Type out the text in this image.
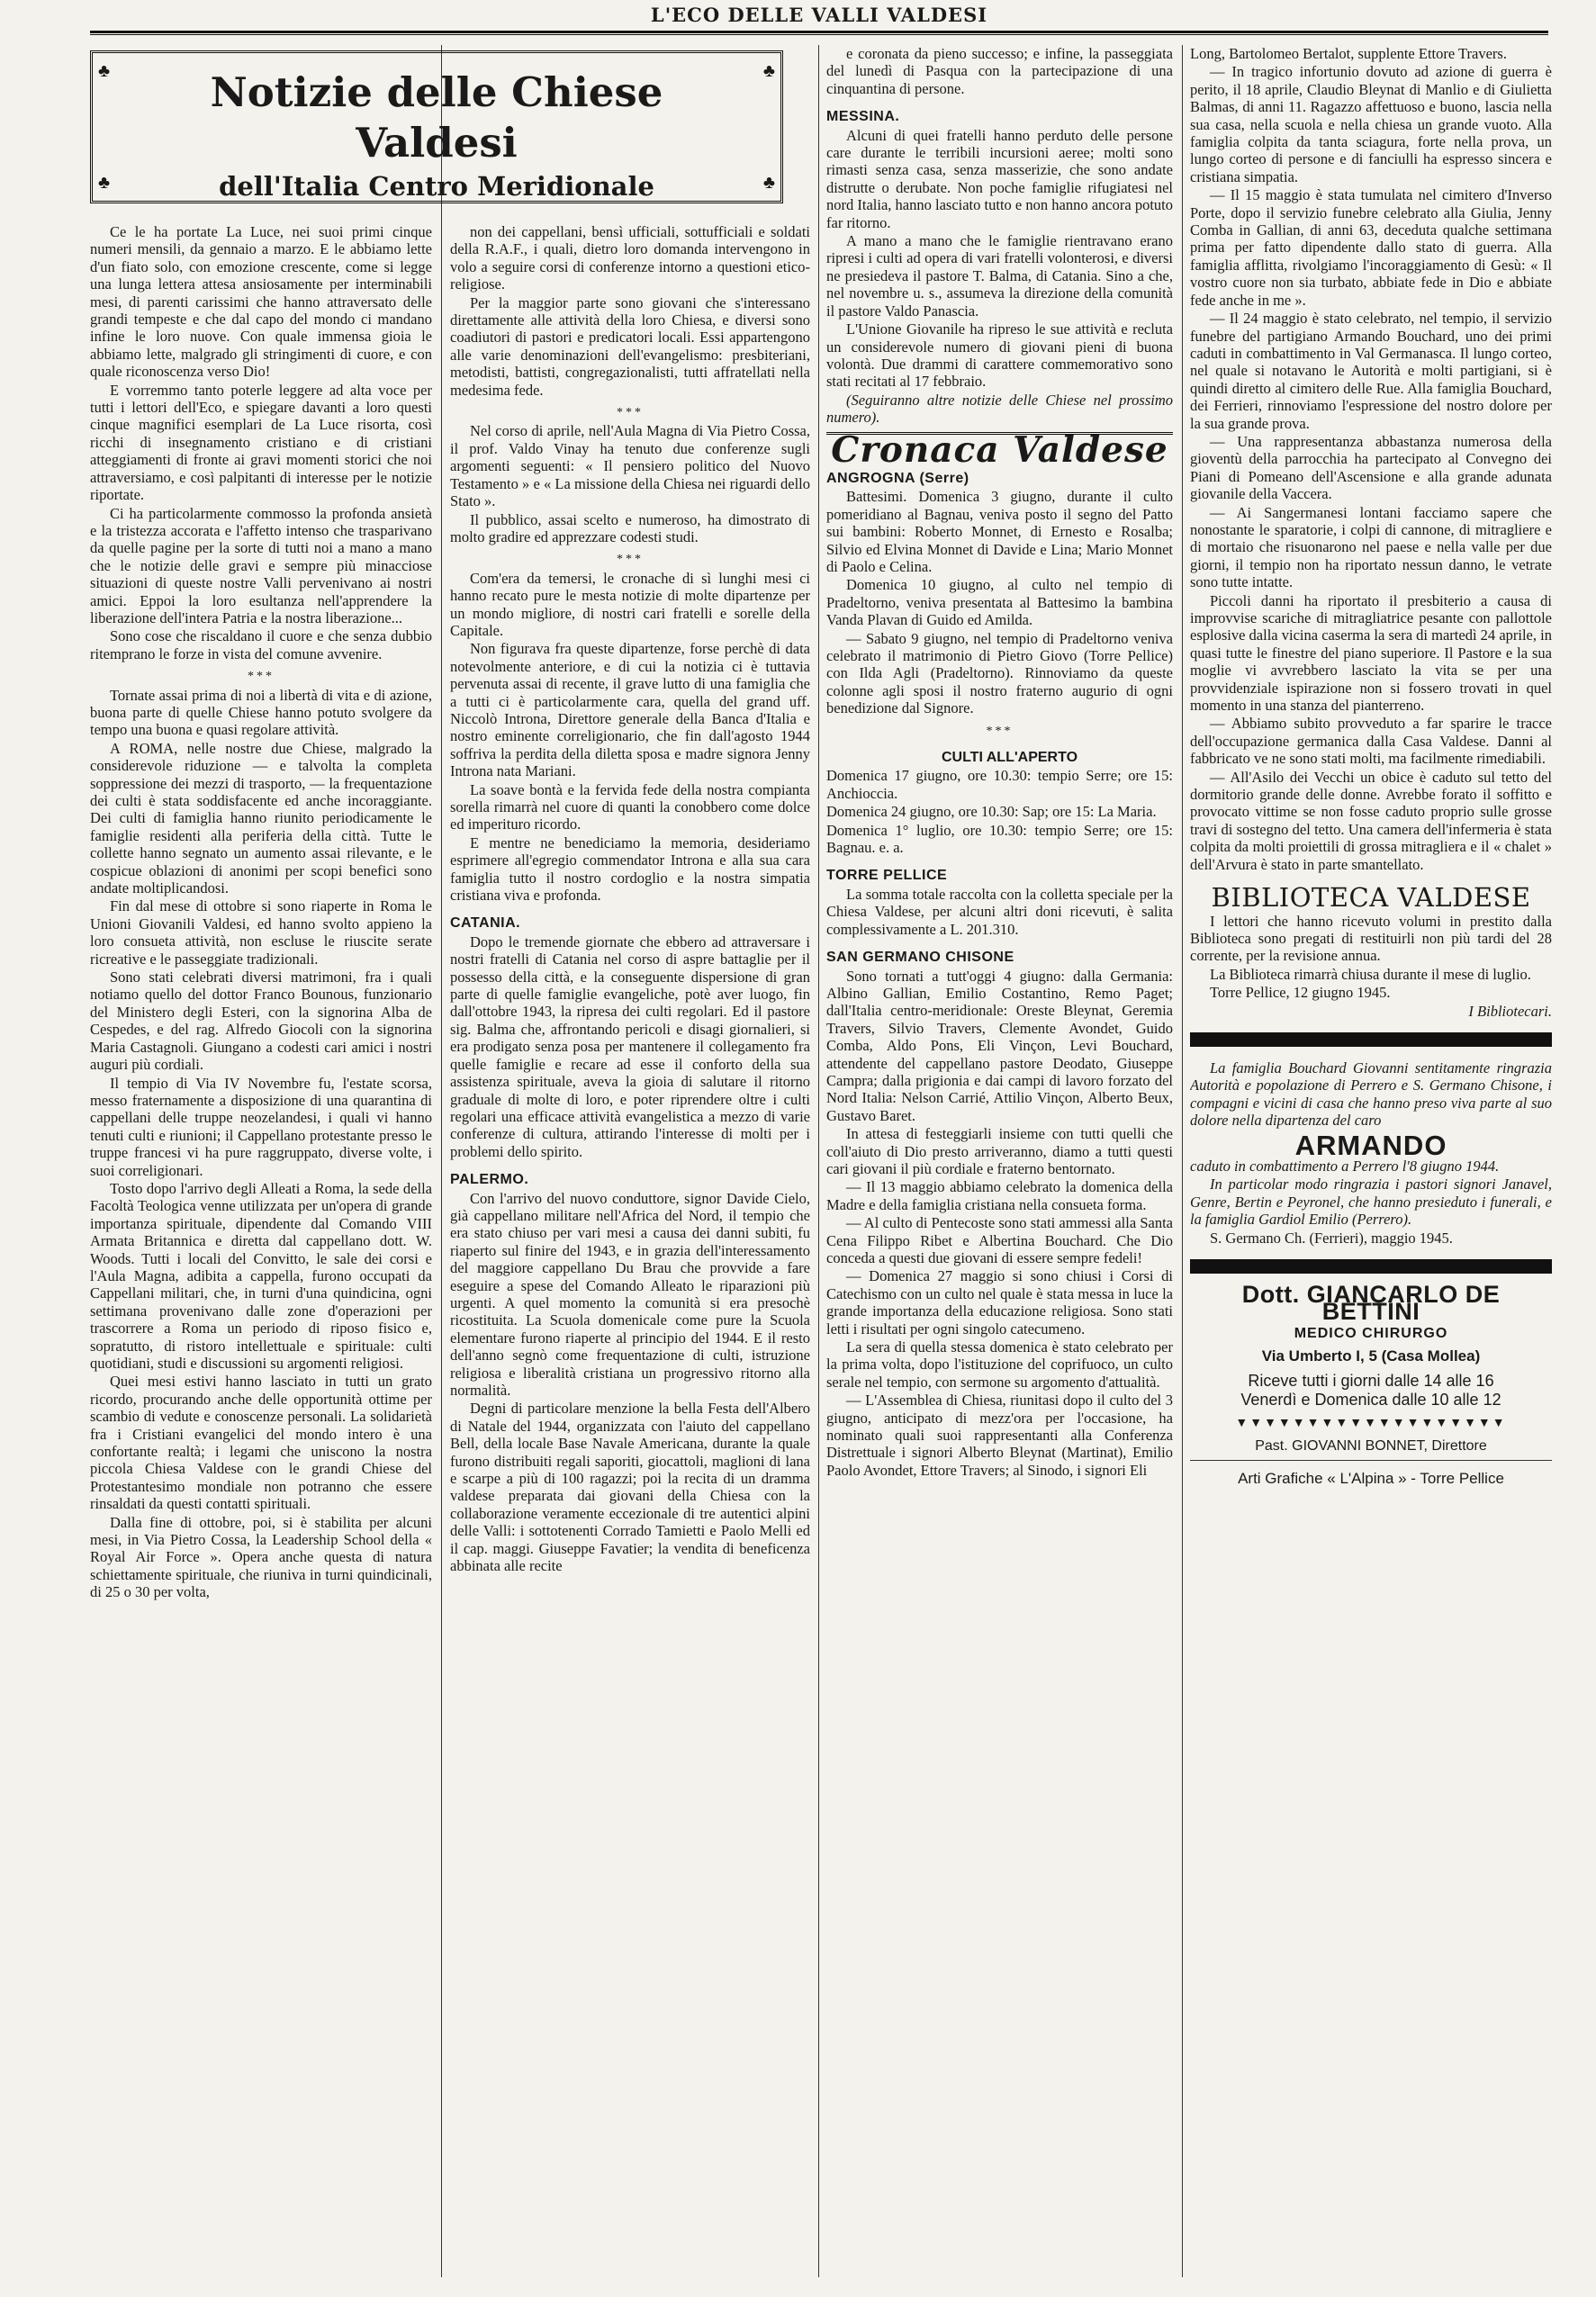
L'ECO DELLE VALLI VALDESI
♣
♣
♣
♣
Notizie delle Chiese Valdesi
dell'Italia Centro Meridionale

Ce le ha portate La Luce, nei suoi primi cinque numeri mensili, da gennaio a marzo. E le abbiamo lette d'un fiato solo, con emozione crescente, come si legge una lunga lettera attesa ansiosamente per interminabili mesi, di parenti carissimi che hanno attraversato delle grandi tempeste e che dal capo del mondo ci mandano infine le loro nuove. Con quale immensa gioia le abbiamo lette, malgrado gli stringimenti di cuore, e con quale riconoscenza verso Dio!

E vorremmo tanto poterle leggere ad alta voce per tutti i lettori dell'Eco, e spiegare davanti a loro questi cinque magnifici esemplari de La Luce risorta, così ricchi di insegnamento cristiano e di cristiani atteggiamenti di fronte ai gravi momenti storici che noi attraversiamo, e così palpitanti di interesse per le notizie riportate.

Ci ha particolarmente commosso la profonda ansietà e la tristezza accorata e l'affetto intenso che trasparivano da quelle pagine per la sorte di tutti noi a mano a mano che le notizie delle gravi e sempre più minacciose situazioni di queste nostre Valli pervenivano ai nostri amici. Eppoi la loro esultanza nell'apprendere la liberazione dell'intera Patria e la nostra liberazione...

Sono cose che riscaldano il cuore e che senza dubbio ritemprano le forze in vista del comune avvenire.

***

Tornate assai prima di noi a libertà di vita e di azione, buona parte di quelle Chiese hanno potuto svolgere da tempo una buona e quasi regolare attività.

A ROMA, nelle nostre due Chiese, malgrado la considerevole riduzione — e talvolta la completa soppressione dei mezzi di trasporto, — la frequentazione dei culti è stata soddisfacente ed anche incoraggiante. Dei culti di famiglia hanno riunito periodicamente le famiglie residenti alla periferia della città. Tutte le collette hanno segnato un aumento assai rilevante, e le cospicue oblazioni di anonimi per scopi benefici sono andate moltiplicandosi.

Fin dal mese di ottobre si sono riaperte in Roma le Unioni Giovanili Valdesi, ed hanno svolto appieno la loro consueta attività, non escluse le riuscite serate ricreative e le passeggiate tradizionali.

Sono stati celebrati diversi matrimoni, fra i quali notiamo quello del dottor Franco Bounous, funzionario del Ministero degli Esteri, con la signorina Alba de Cespedes, e del rag. Alfredo Giocoli con la signorina Maria Castagnoli. Giungano a codesti cari amici i nostri auguri più cordiali.

Il tempio di Via IV Novembre fu, l'estate scorsa, messo fraternamente a disposizione di una quarantina di cappellani delle truppe neozelandesi, i quali vi hanno tenuti culti e riunioni; il Cappellano protestante presso le truppe francesi vi ha pure raggruppato, diverse volte, i suoi correligionari.

Tosto dopo l'arrivo degli Alleati a Roma, la sede della Facoltà Teologica venne utilizzata per un'opera di grande importanza spirituale, dipendente dal Comando VIII Armata Britannica e diretta dal cappellano dott. W. Woods. Tutti i locali del Convitto, le sale dei corsi e l'Aula Magna, adibita a cappella, furono occupati da Cappellani militari, che, in turni d'una quindicina, ogni settimana provenivano dalle zone d'operazioni per trascorrere a Roma un periodo di riposo fisico e, sopratutto, di ristoro intellettuale e spirituale: culti quotidiani, studi e discussioni su argomenti religiosi.

Quei mesi estivi hanno lasciato in tutti un grato ricordo, procurando anche delle opportunità ottime per scambio di vedute e conoscenze personali. La solidarietà fra i Cristiani evangelici del mondo intero è una confortante realtà; i legami che uniscono la nostra piccola Chiesa Valdese con le grandi Chiese del Protestantesimo mondiale non potranno che essere rinsaldati da questi contatti spirituali.

Dalla fine di ottobre, poi, si è stabilita per alcuni mesi, in Via Pietro Cossa, la Leadership School della « Royal Air Force ». Opera anche questa di natura schiettamente spirituale, che riuniva in turni quindicinali, di 25 o 30 per volta,

non dei cappellani, bensì ufficiali, sottufficiali e soldati della R.A.F., i quali, dietro loro domanda intervengono in volo a seguire corsi di conferenze intorno a questioni etico-religiose.

Per la maggior parte sono giovani che s'interessano direttamente alle attività della loro Chiesa, e diversi sono coadiutori di pastori e predicatori locali. Essi appartengono alle varie denominazioni dell'evangelismo: presbiteriani, metodisti, battisti, congregazionalisti, tutti affratellati nella medesima fede.

***

Nel corso di aprile, nell'Aula Magna di Via Pietro Cossa, il prof. Valdo Vinay ha tenuto due conferenze sugli argomenti seguenti: « Il pensiero politico del Nuovo Testamento » e « La missione della Chiesa nei riguardi dello Stato ».

Il pubblico, assai scelto e numeroso, ha dimostrato di molto gradire ed apprezzare codesti studi.

***

Com'era da temersi, le cronache di sì lunghi mesi ci hanno recato pure le mesta notizie di molte dipartenze per un mondo migliore, di nostri cari fratelli e sorelle della Capitale.

Non figurava fra queste dipartenze, forse perchè di data notevolmente anteriore, e di cui la notizia ci è tuttavia pervenuta assai di recente, il grave lutto di una famiglia che a tutti ci è particolarmente cara, quella del grand uff. Niccolò Introna, Direttore generale della Banca d'Italia e nostro eminente correligionario, che fin dall'agosto 1944 soffriva la perdita della diletta sposa e madre signora Jenny Introna nata Mariani.

La soave bontà e la fervida fede della nostra compianta sorella rimarrà nel cuore di quanti la conobbero come dolce ed imperituro ricordo.

E mentre ne benediciamo la memoria, desideriamo esprimere all'egregio commendator Introna e alla sua cara famiglia tutto il nostro cordoglio e la nostra simpatia cristiana viva e profonda.

CATANIA.

Dopo le tremende giornate che ebbero ad attraversare i nostri fratelli di Catania nel corso di aspre battaglie per il possesso della città, e la conseguente dispersione di gran parte di quelle famiglie evangeliche, potè aver luogo, fin dall'ottobre 1943, la ripresa dei culti regolari. Ed il pastore sig. Balma che, affrontando pericoli e disagi giornalieri, si era prodigato senza posa per mantenere il collegamento fra quelle famiglie e recare ad esse il conforto della sua assistenza spirituale, aveva la gioia di salutare il ritorno graduale di molte di loro, e poter riprendere oltre i culti regolari una efficace attività evangelistica a mezzo di varie conferenze di cultura, attirando l'interesse di molti per i problemi dello spirito.

PALERMO.

Con l'arrivo del nuovo conduttore, signor Davide Cielo, già cappellano militare nell'Africa del Nord, il tempio che era stato chiuso per vari mesi a causa dei danni subiti, fu riaperto sul finire del 1943, e in grazia dell'interessamento del maggiore cappellano Du Brau che provvide a fare eseguire a spese del Comando Alleato le riparazioni più urgenti. A quel momento la comunità si era presochè ricostituita. La Scuola domenicale come pure la Scuola elementare furono riaperte al principio del 1944. E il resto dell'anno segnò come frequentazione di culti, istruzione religiosa e liberalità cristiana un progressivo ritorno alla normalità.

Degni di particolare menzione la bella Festa dell'Albero di Natale del 1944, organizzata con l'aiuto del cappellano Bell, della locale Base Navale Americana, durante la quale furono distribuiti regali saporiti, giocattoli, maglioni di lana e scarpe a più di 100 ragazzi; poi la recita di un dramma valdese preparata dai giovani della Chiesa con la collaborazione veramente eccezionale di tre autentici alpini delle Valli: i sottotenenti Corrado Tamietti e Paolo Melli ed il cap. maggi. Giuseppe Favatier; la vendita di beneficenza abbinata alle recite

e coronata da pieno successo; e infine, la passeggiata del lunedì di Pasqua con la partecipazione di una cinquantina di persone.

MESSINA.

Alcuni di quei fratelli hanno perduto delle persone care durante le terribili incursioni aeree; molti sono rimasti senza casa, senza masserizie, che sono andate distrutte o derubate. Non poche famiglie rifugiatesi nel nord Italia, hanno lasciato tutto e non hanno ancora potuto far ritorno.

A mano a mano che le famiglie rientravano erano ripresi i culti ad opera di vari fratelli volonterosi, e diversi ne presiedeva il pastore T. Balma, di Catania. Sino a che, nel novembre u. s., assumeva la direzione della comunità il pastore Valdo Panascia.

L'Unione Giovanile ha ripreso le sue attività e recluta un considerevole numero di giovani pieni di buona volontà. Due drammi di carattere commemorativo sono stati recitati al 17 febbraio.

(Seguiranno altre notizie delle Chiese nel prossimo numero).

Cronaca Valdese

ANGROGNA (Serre)

Battesimi. Domenica 3 giugno, durante il culto pomeridiano al Bagnau, veniva posto il segno del Patto sui bambini: Roberto Monnet, di Ernesto e Rosalba; Silvio ed Elvina Monnet di Davide e Lina; Mario Monnet di Paolo e Celina.

Domenica 10 giugno, al culto nel tempio di Pradeltorno, veniva presentata al Battesimo la bambina Vanda Plavan di Guido ed Amilda.

— Sabato 9 giugno, nel tempio di Pradeltorno veniva celebrato il matrimonio di Pietro Giovo (Torre Pellice) con Ilda Agli (Pradeltorno). Rinnoviamo da queste colonne agli sposi il nostro fraterno augurio di ogni benedizione dal Signore.

***

CULTI ALL'APERTO

Domenica 17 giugno, ore 10.30: tempio Serre; ore 15: Anchioccia.

Domenica 24 giugno, ore 10.30: Sap; ore 15: La Maria.

Domenica 1° luglio, ore 10.30: tempio Serre; ore 15: Bagnau. e. a.

TORRE PELLICE

La somma totale raccolta con la colletta speciale per la Chiesa Valdese, per alcuni altri doni ricevuti, è salita complessivamente a L. 201.310.

SAN GERMANO CHISONE

Sono tornati a tutt'oggi 4 giugno: dalla Germania: Albino Gallian, Emilio Costantino, Remo Paget; dall'Italia centro-meridionale: Oreste Bleynat, Geremia Travers, Silvio Travers, Clemente Avondet, Guido Comba, Aldo Pons, Eli Vinçon, Levi Bouchard, attendente del cappellano pastore Deodato, Giuseppe Campra; dalla prigionia e dai campi di lavoro forzato del Nord Italia: Nelson Carrié, Attilio Vinçon, Alberto Beux, Gustavo Baret.

In attesa di festeggiarli insieme con tutti quelli che coll'aiuto di Dio presto arriveranno, diamo a tutti questi cari giovani il più cordiale e fraterno bentornato.

— Il 13 maggio abbiamo celebrato la domenica della Madre e della famiglia cristiana nella consueta forma.

— Al culto di Pentecoste sono stati ammessi alla Santa Cena Filippo Ribet e Albertina Bouchard. Che Dio conceda a questi due giovani di essere sempre fedeli!

— Domenica 27 maggio si sono chiusi i Corsi di Catechismo con un culto nel quale è stata messa in luce la grande importanza della educazione religiosa. Sono stati letti i risultati per ogni singolo catecumeno.

La sera di quella stessa domenica è stato celebrato per la prima volta, dopo l'istituzione del coprifuoco, un culto serale nel tempio, con sermone su argomento d'attualità.

— L'Assemblea di Chiesa, riunitasi dopo il culto del 3 giugno, anticipato di mezz'ora per l'occasione, ha nominato quali suoi rappresentanti alla Conferenza Distrettuale i signori Alberto Bleynat (Martinat), Emilio Paolo Avondet, Ettore Travers; al Sinodo, i signori Eli

Long, Bartolomeo Bertalot, supplente Ettore Travers.

— In tragico infortunio dovuto ad azione di guerra è perito, il 18 aprile, Claudio Bleynat di Manlio e di Giulietta Balmas, di anni 11. Ragazzo affettuoso e buono, lascia nella sua casa, nella scuola e nella chiesa un grande vuoto. Alla famiglia colpita da tanta sciagura, forte nella prova, un lungo corteo di persone e di fanciulli ha espresso sincera e cristiana simpatia.

— Il 15 maggio è stata tumulata nel cimitero d'Inverso Porte, dopo il servizio funebre celebrato alla Giulia, Jenny Comba in Gallian, di anni 63, deceduta qualche settimana prima per fatto dipendente dallo stato di guerra. Alla famiglia afflitta, rivolgiamo l'incoraggiamento di Gesù: « Il vostro cuore non sia turbato, abbiate fede in Dio e abbiate fede anche in me ».

— Il 24 maggio è stato celebrato, nel tempio, il servizio funebre del partigiano Armando Bouchard, uno dei primi caduti in combattimento in Val Germanasca. Il lungo corteo, nel quale si notavano le Autorità e molti partigiani, si è quindi diretto al cimitero delle Rue. Alla famiglia Bouchard, dei Ferrieri, rinnoviamo l'espressione del nostro dolore per la sua grande prova.

— Una rappresentanza abbastanza numerosa della gioventù della parrocchia ha partecipato al Convegno dei Piani di Pomeano dell'Ascensione e alla grande adunata giovanile della Vaccera.

— Ai Sangermanesi lontani facciamo sapere che nonostante le sparatorie, i colpi di cannone, di mitragliere e di mortaio che risuonarono nel paese e nella valle per due giorni, il tempio non ha riportato nessun danno, le vetrate sono tutte intatte.

Piccoli danni ha riportato il presbiterio a causa di improvvise scariche di mitragliatrice pesante con pallottole esplosive dalla vicina caserma la sera di martedì 24 aprile, in quasi tutte le finestre del piano superiore. Il Pastore e la sua moglie vi avvrebbero lasciato la vita se per una provvidenziale ispirazione non si fossero trovati in quel momento in una stanza del pianterreno.

— Abbiamo subito provveduto a far sparire le tracce dell'occupazione germanica dalla Casa Valdese. Danni al fabbricato ve ne sono stati molti, ma facilmente rimediabili.

— All'Asilo dei Vecchi un obice è caduto sul tetto del dormitorio grande delle donne. Avrebbe forato il soffitto e provocato vittime se non fosse caduto proprio sulle grosse travi di sostegno del tetto. Una camera dell'infermeria è stata colpita da molti proiettili di grossa mitragliera e il « chalet » dell'Arvura è stato in parte smantellato.

BIBLIOTECA VALDESE

I lettori che hanno ricevuto volumi in prestito dalla Biblioteca sono pregati di restituirli non più tardi del 28 corrente, per la revisione annua.

La Biblioteca rimarrà chiusa durante il mese di luglio.

Torre Pellice, 12 giugno 1945.

I Bibliotecari.

La famiglia Bouchard Giovanni sentitamente ringrazia Autorità e popolazione di Perrero e S. Germano Chisone, i compagni e vicini di casa che hanno preso viva parte al suo dolore nella dipartenza del caro

ARMANDO

caduto in combattimento a Perrero l'8 giugno 1944.

In particolar modo ringrazia i pastori signori Janavel, Genre, Bertin e Peyronel, che hanno presieduto i funerali, e la famiglia Gardiol Emilio (Perrero).

S. Germano Ch. (Ferrieri), maggio 1945.

Dott. GIANCARLO DE BETTINI
MEDICO CHIRURGO
Via Umberto I, 5 (Casa Mollea)
Riceve tutti i giorni dalle 14 alle 16
Venerdì e Domenica dalle 10 alle 12
▼▼▼▼▼▼▼▼▼▼▼▼▼▼▼▼▼▼▼
Past. GIOVANNI BONNET, Direttore
Arti Grafiche « L'Alpina » - Torre Pellice
